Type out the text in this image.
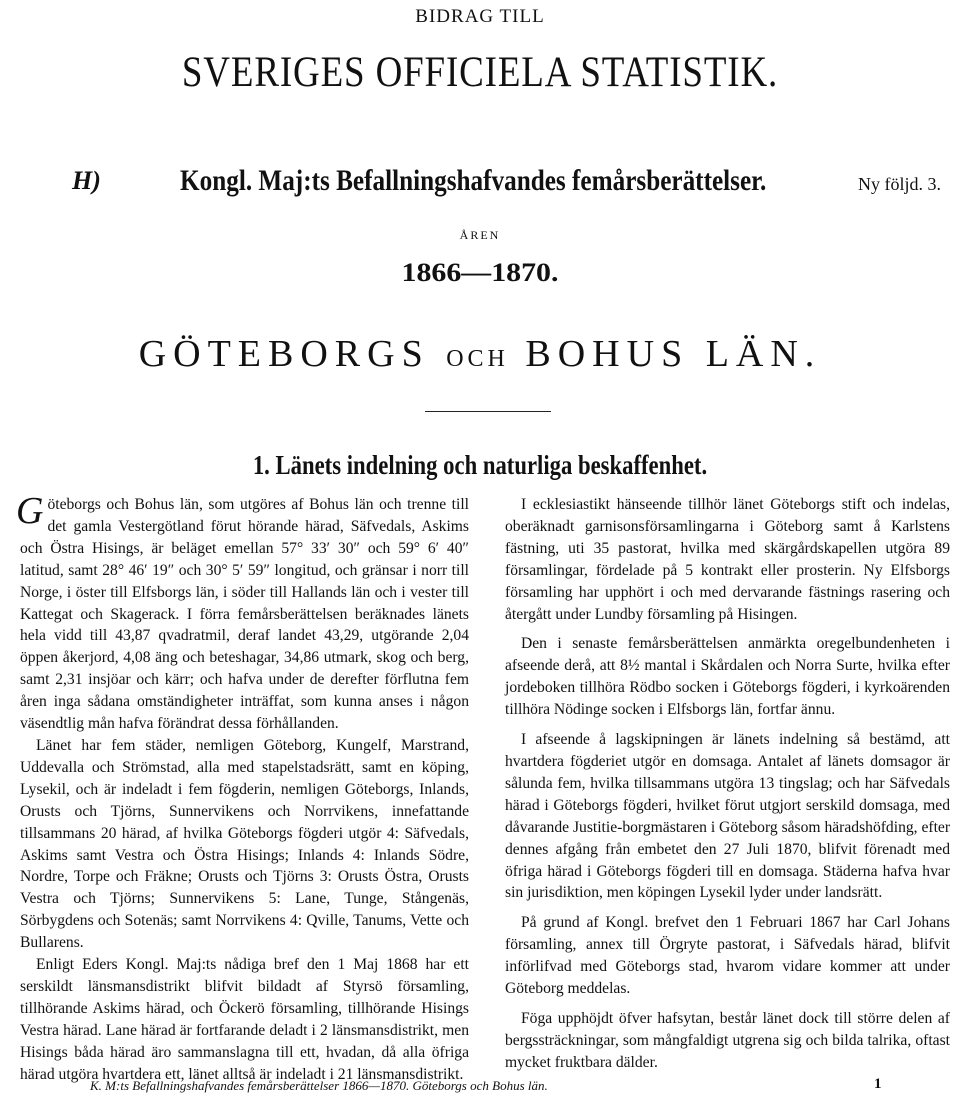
BIDRAG TILL
SVERIGES OFFICIELA STATISTIK.
H)	Kongl. Maj:ts Befallningshafvandes femårsberättelser.	Ny följd. 3.
ÅREN
1866—1870.
GÖTEBORGS OCH BOHUS LÄN.
1. Länets indelning och naturliga beskaffenhet.

G öteborgs och Bohus län, som utgöres af Bohus län och trenne till det gamla Vestergötland förut hörande härad, Säfvedals, Askims och Östra Hisings, är beläget emellan 57° 33′ 30″ och 59° 6′ 40″ latitud, samt 28° 46′ 19″ och 30° 5′ 59″ longitud, och gränsar i norr till Norge, i öster till Elfsborgs län, i söder till Hallands län och i vester till Kattegat och Skagerack. I förra femårsberättelsen beräknades länets hela vidd till 43,87 qvadratmil, deraf landet 43,29, utgörande 2,04 öppen åkerjord, 4,08 äng och beteshagar, 34,86 utmark, skog och berg, samt 2,31 insjöar och kärr; och hafva under de derefter förflutna fem åren inga sådana omständigheter inträffat, som kunna anses i någon väsendtlig mån hafva förändrat dessa förhållanden.

Länet har fem städer, nemligen Göteborg, Kungelf, Marstrand, Uddevalla och Strömstad, alla med stapelstadsrätt, samt en köping, Lysekil, och är indeladt i fem fögderin, nemligen Göteborgs, Inlands, Orusts och Tjörns, Sunnervikens och Norrvikens, innefattande tillsammans 20 härad, af hvilka Göteborgs fögderi utgör 4: Säfvedals, Askims samt Vestra och Östra Hisings; Inlands 4: Inlands Södre, Nordre, Torpe och Fräkne; Orusts och Tjörns 3: Orusts Östra, Orusts Vestra och Tjörns; Sunnervikens 5: Lane, Tunge, Stångenäs, Sörbygdens och Sotenäs; samt Norrvikens 4: Qville, Tanums, Vette och Bullarens.

Enligt Eders Kongl. Maj:ts nådiga bref den 1 Maj 1868 har ett serskildt länsmansdistrikt blifvit bildadt af Styrsö församling, tillhörande Askims härad, och Öckerö församling, tillhörande Hisings Vestra härad. Lane härad är fortfarande deladt i 2 länsmansdistrikt, men Hisings båda härad äro sammanslagna till ett, hvadan, då alla öfriga härad utgöra hvartdera ett, länet alltså är indeladt i 21 länsmansdistrikt.

I ecklesiastikt hänseende tillhör länet Göteborgs stift och indelas, oberäknadt garnisonsförsamlingarna i Göteborg samt å Karlstens fästning, uti 35 pastorat, hvilka med skärgårdskapellen utgöra 89 församlingar, fördelade på 5 kontrakt eller prosterin. Ny Elfsborgs församling har upphört i och med dervarande fästnings rasering och återgått under Lundby församling på Hisingen.

Den i senaste femårsberättelsen anmärkta oregelbundenheten i afseende derå, att 8½ mantal i Skårdalen och Norra Surte, hvilka efter jordeboken tillhöra Rödbo socken i Göteborgs fögderi, i kyrkoärenden tillhöra Nödinge socken i Elfsborgs län, fortfar ännu.

I afseende å lagskipningen är länets indelning så bestämd, att hvartdera fögderiet utgör en domsaga. Antalet af länets domsagor är sålunda fem, hvilka tillsammans utgöra 13 tingslag; och har Säfvedals härad i Göteborgs fögderi, hvilket förut utgjort serskild domsaga, med dåvarande Justitie-borgmästaren i Göteborg såsom häradshöfding, efter dennes afgång från embetet den 27 Juli 1870, blifvit förenadt med öfriga härad i Göteborgs fögderi till en domsaga. Städerna hafva hvar sin jurisdiktion, men köpingen Lysekil lyder under landsrätt.

På grund af Kongl. brefvet den 1 Februari 1867 har Carl Johans församling, annex till Örgryte pastorat, i Säfvedals härad, blifvit införlifvad med Göteborgs stad, hvarom vidare kommer att under Göteborg meddelas.

Föga upphöjdt öfver hafsytan, består länet dock till större delen af bergssträckningar, som mångfaldigt utgrena sig och bilda talrika, oftast mycket fruktbara dälder.

K. M:ts Befallningshafvandes femårsberättelser 1866—1870. Göteborgs och Bohus län.	1
